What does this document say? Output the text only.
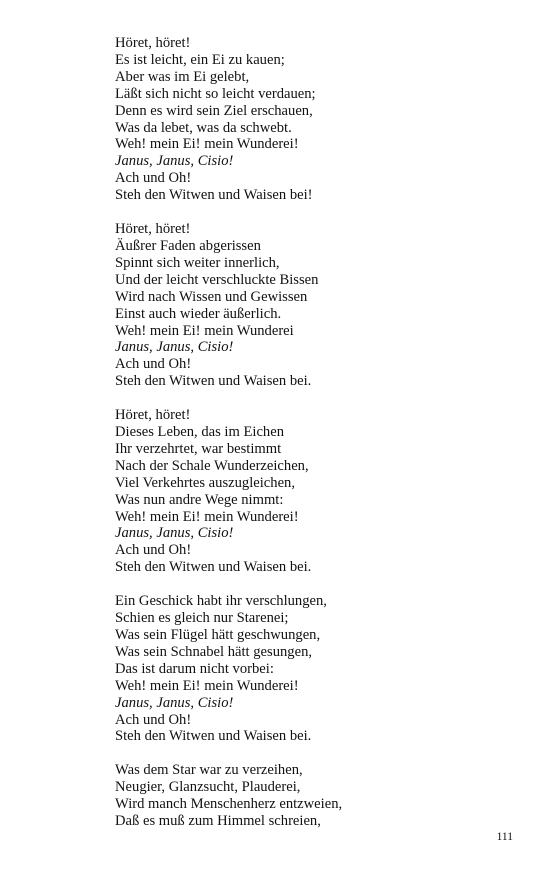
Höret, höret!
Es ist leicht, ein Ei zu kauen;
Aber was im Ei gelebt,
Läßt sich nicht so leicht verdauen;
Denn es wird sein Ziel erschauen,
Was da lebet, was da schwebt.
Weh! mein Ei! mein Wunderei!
Janus, Janus, Cisio!
Ach und Oh!
Steh den Witwen und Waisen bei!
Höret, höret!
Äußrer Faden abgerissen
Spinnt sich weiter innerlich,
Und der leicht verschluckte Bissen
Wird nach Wissen und Gewissen
Einst auch wieder äußerlich.
Weh! mein Ei! mein Wunderei
Janus, Janus, Cisio!
Ach und Oh!
Steh den Witwen und Waisen bei.
Höret, höret!
Dieses Leben, das im Eichen
Ihr verzehrtet, war bestimmt
Nach der Schale Wunderzeichen,
Viel Verkehrtes auszugleichen,
Was nun andre Wege nimmt:
Weh! mein Ei! mein Wunderei!
Janus, Janus, Cisio!
Ach und Oh!
Steh den Witwen und Waisen bei.
Ein Geschick habt ihr verschlungen,
Schien es gleich nur Starenei;
Was sein Flügel hätt geschwungen,
Was sein Schnabel hätt gesungen,
Das ist darum nicht vorbei:
Weh! mein Ei! mein Wunderei!
Janus, Janus, Cisio!
Ach und Oh!
Steh den Witwen und Waisen bei.
Was dem Star war zu verzeihen,
Neugier, Glanzsucht, Plauderei,
Wird manch Menschenherz entzweien,
Daß es muß zum Himmel schreien,
111
